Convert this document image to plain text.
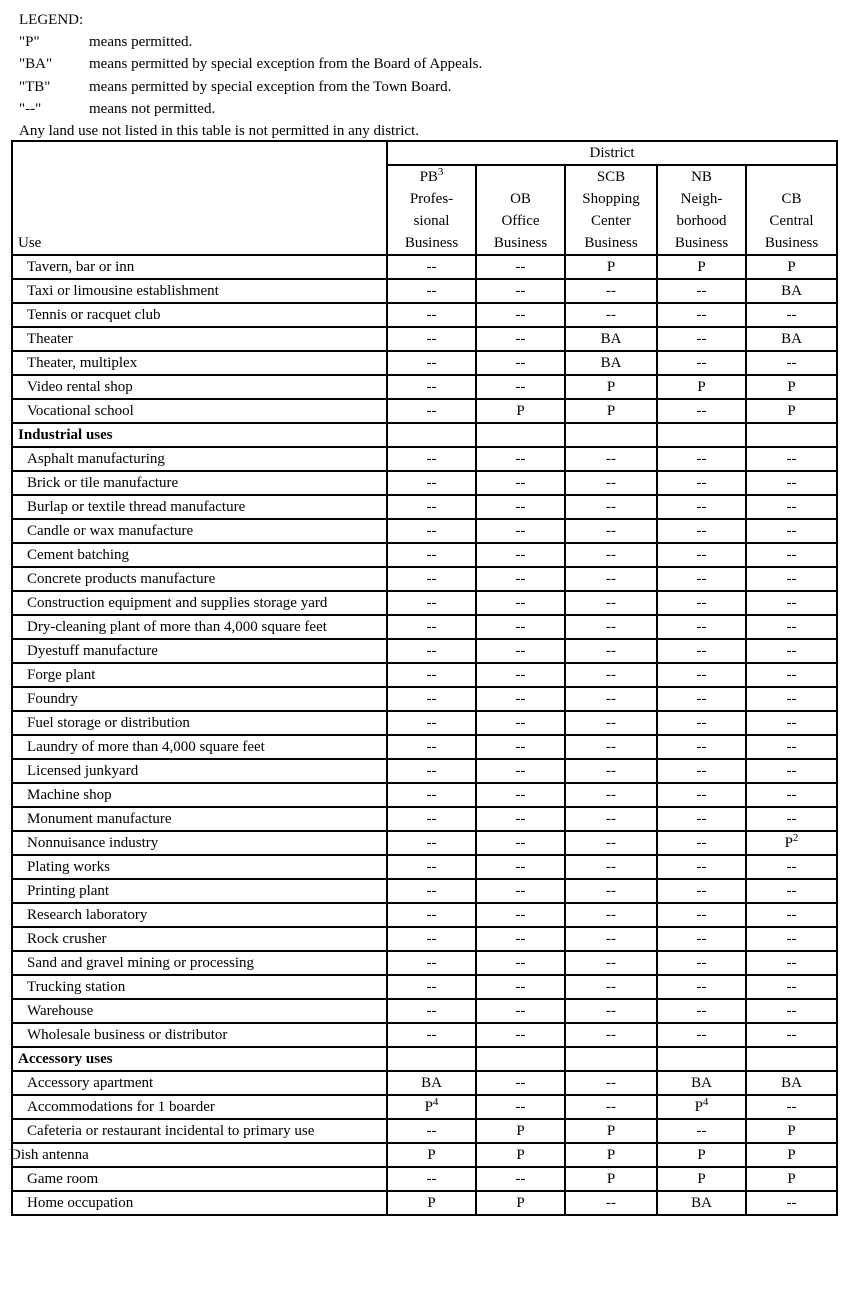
LEGEND:
"P"	means permitted.
"BA"	means permitted by special exception from the Board of Appeals.
"TB"	means permitted by special exception from the Town Board.
"--"	means not permitted.
Any land use not listed in this table is not permitted in any district.
Use	District				

	$PB^3$
Profes-
sional
Business	OB
Office
Business	SCB
Shopping
Center
Business	NB
Neigh-
borhood
Business	CB
Central
Business

Tavern, bar or inn	--	--	P	P	P

Taxi or limousine establishment	--	--	--	--	BA

Tennis or racquet club	--	--	--	--	--

Theater	--	--	BA	--	BA

Theater, multiplex	--	--	BA	--	--

Video rental shop	--	--	P	P	P

Vocational school	--	P	P	--	P
Industrial uses					

Asphalt manufacturing	--	--	--	--	--

Brick or tile manufacture	--	--	--	--	--

Burlap or textile thread manufacture	--	--	--	--	--

Candle or wax manufacture	--	--	--	--	--

Cement batching	--	--	--	--	--

Concrete products manufacture	--	--	--	--	--

Construction equipment and supplies storage yard	--	--	--	--	--

Dry-cleaning plant of more than 4,000 square feet	--	--	--	--	--

Dyestuff manufacture	--	--	--	--	--

Forge plant	--	--	--	--	--

Foundry	--	--	--	--	--

Fuel storage or distribution	--	--	--	--	--

Laundry of more than 4,000 square feet	--	--	--	--	--

Licensed junkyard	--	--	--	--	--

Machine shop	--	--	--	--	--

Monument manufacture	--	--	--	--	--

Nonnuisance industry	--	--	--	--	$P^2$

Plating works	--	--	--	--	--

Printing plant	--	--	--	--	--

Research laboratory	--	--	--	--	--

Rock crusher	--	--	--	--	--

Sand and gravel mining or processing	--	--	--	--	--

Trucking station	--	--	--	--	--

Warehouse	--	--	--	--	--

Wholesale business or distributor	--	--	--	--	--
Accessory uses					

Accessory apartment	BA	--	--	BA	BA

Accommodations for 1 boarder	$P^4$	--	--	$P^4$	--

Cafeteria or restaurant incidental to primary use	--	P	P	--	P

Dish antenna	P	P	P	P	P

Game room	--	--	P	P	P

Home occupation	P	P	--	BA	--
